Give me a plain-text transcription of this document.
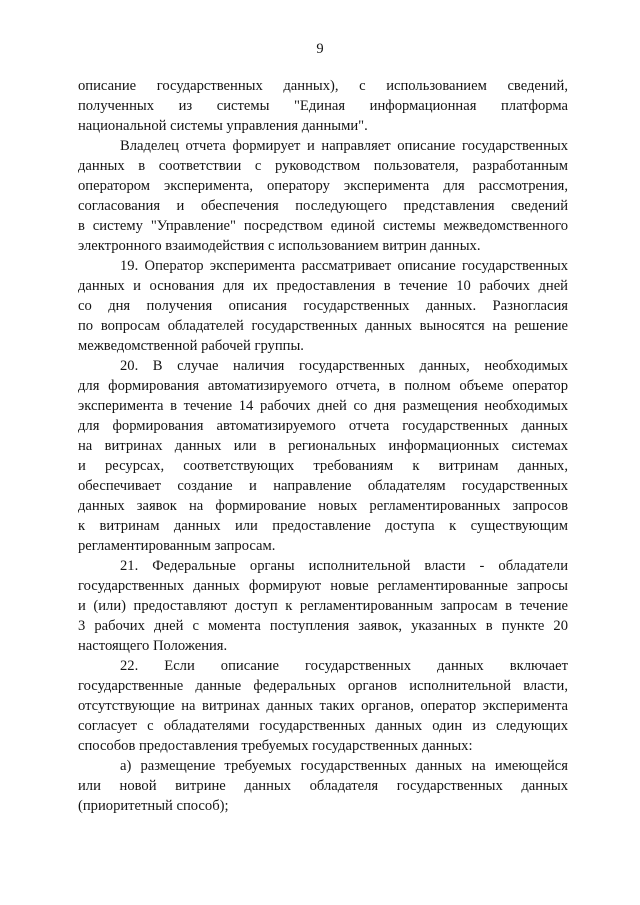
9
описание государственных данных), с использованием сведений,
полученных из системы "Единая информационная платформа
национальной системы управления данными".
Владелец отчета формирует и направляет описание государственных
данных в соответствии с руководством пользователя, разработанным
оператором эксперимента, оператору эксперимента для рассмотрения,
согласования и обеспечения последующего представления сведений
в систему "Управление" посредством единой системы межведомственного
электронного взаимодействия с использованием витрин данных.
19. Оператор эксперимента рассматривает описание государственных
данных и основания для их предоставления в течение 10 рабочих дней
со дня получения описания государственных данных. Разногласия
по вопросам обладателей государственных данных выносятся на решение
межведомственной рабочей группы.
20. В случае наличия государственных данных, необходимых
для формирования автоматизируемого отчета, в полном объеме оператор
эксперимента в течение 14 рабочих дней со дня размещения необходимых
для формирования автоматизируемого отчета государственных данных
на витринах данных или в региональных информационных системах
и ресурсах, соответствующих требованиям к витринам данных,
обеспечивает создание и направление обладателям государственных
данных заявок на формирование новых регламентированных запросов
к витринам данных или предоставление доступа к существующим
регламентированным запросам.
21. Федеральные органы исполнительной власти - обладатели
государственных данных формируют новые регламентированные запросы
и (или) предоставляют доступ к регламентированным запросам в течение
3 рабочих дней с момента поступления заявок, указанных в пункте 20
настоящего Положения.
22. Если описание государственных данных включает
государственные данные федеральных органов исполнительной власти,
отсутствующие на витринах данных таких органов, оператор эксперимента
согласует с обладателями государственных данных один из следующих
способов предоставления требуемых государственных данных:
а) размещение требуемых государственных данных на имеющейся
или новой витрине данных обладателя государственных данных
(приоритетный способ);
